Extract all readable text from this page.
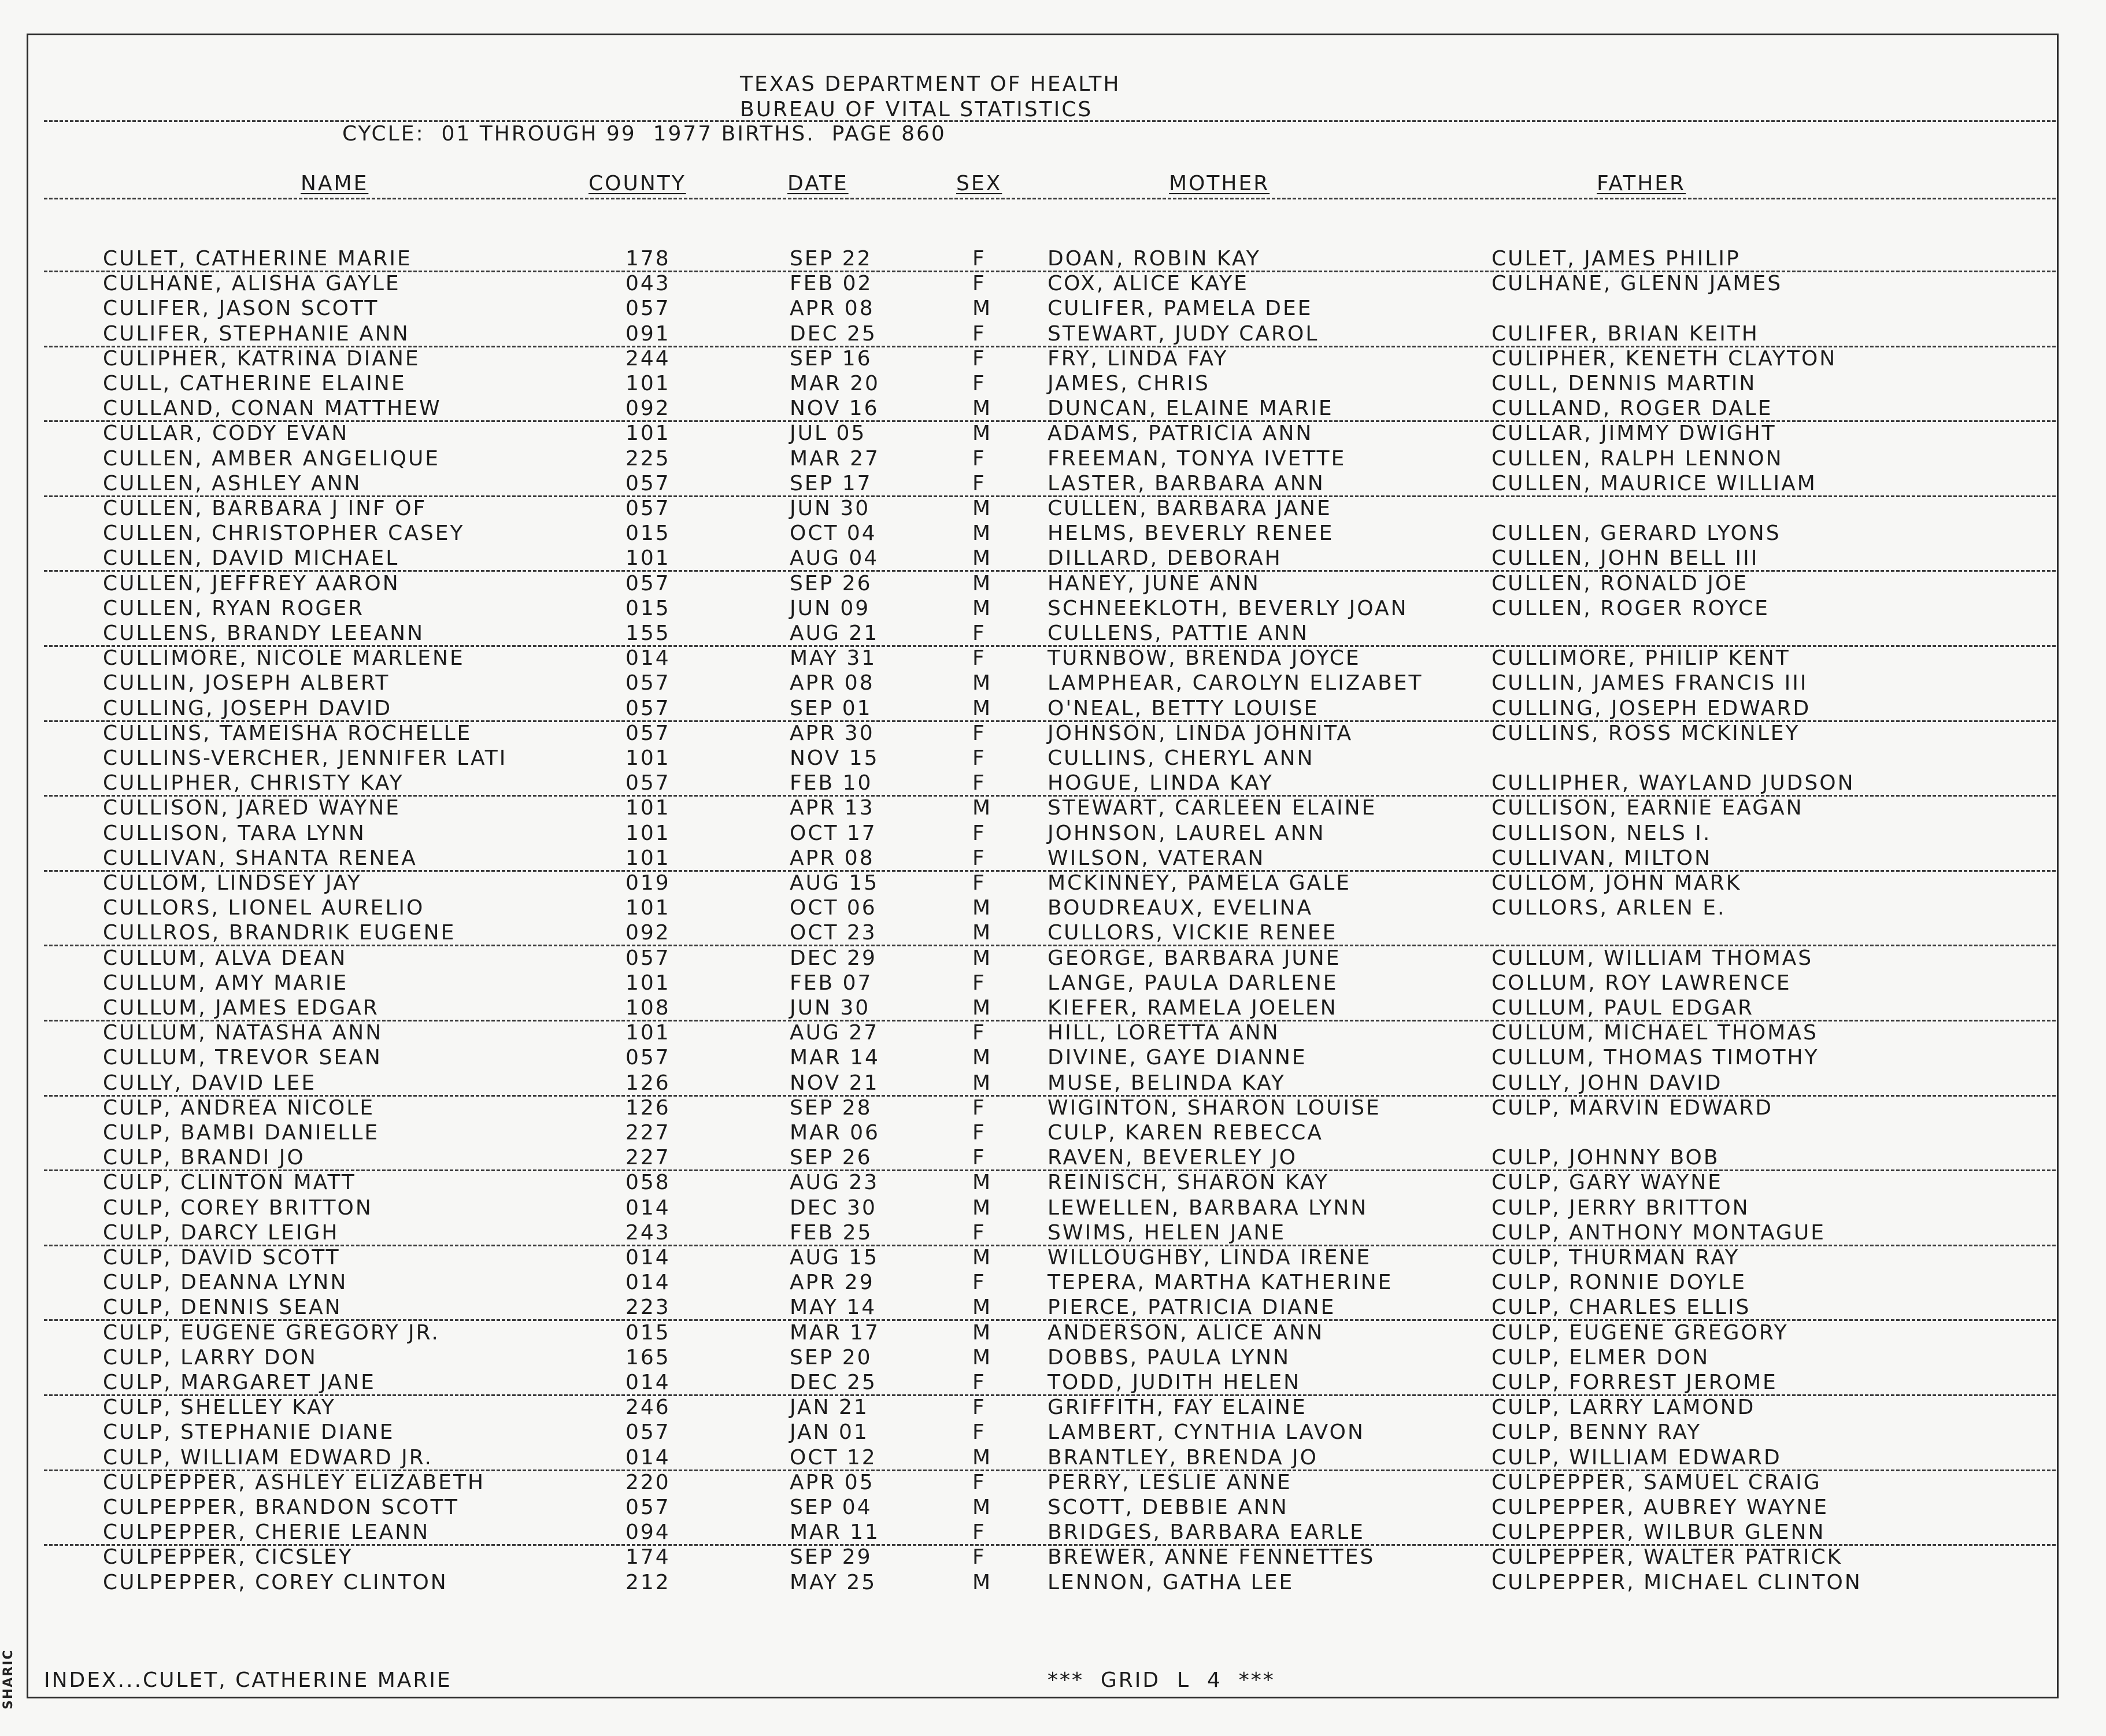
SHARIC
TEXAS DEPARTMENT OF HEALTH
BUREAU OF VITAL STATISTICS
CYCLE:  01 THROUGH 99  1977 BIRTHS.  PAGE 860
NAME	COUNTY	DATE	SEX	MOTHER	FATHER
CULET, CATHERINE MARIE	178	SEP 22	F	DOAN, ROBIN KAY	CULET, JAMES PHILIP
CULHANE, ALISHA GAYLE	043	FEB 02	F	COX, ALICE KAYE	CULHANE, GLENN JAMES
CULIFER, JASON SCOTT	057	APR 08	M	CULIFER, PAMELA DEE
CULIFER, STEPHANIE ANN	091	DEC 25	F	STEWART, JUDY CAROL	CULIFER, BRIAN KEITH
CULIPHER, KATRINA DIANE	244	SEP 16	F	FRY, LINDA FAY	CULIPHER, KENETH CLAYTON
CULL, CATHERINE ELAINE	101	MAR 20	F	JAMES, CHRIS	CULL, DENNIS MARTIN
CULLAND, CONAN MATTHEW	092	NOV 16	M	DUNCAN, ELAINE MARIE	CULLAND, ROGER DALE
CULLAR, CODY EVAN	101	JUL 05	M	ADAMS, PATRICIA ANN	CULLAR, JIMMY DWIGHT
CULLEN, AMBER ANGELIQUE	225	MAR 27	F	FREEMAN, TONYA IVETTE	CULLEN, RALPH LENNON
CULLEN, ASHLEY ANN	057	SEP 17	F	LASTER, BARBARA ANN	CULLEN, MAURICE WILLIAM
CULLEN, BARBARA J INF OF	057	JUN 30	M	CULLEN, BARBARA JANE
CULLEN, CHRISTOPHER CASEY	015	OCT 04	M	HELMS, BEVERLY RENEE	CULLEN, GERARD LYONS
CULLEN, DAVID MICHAEL	101	AUG 04	M	DILLARD, DEBORAH	CULLEN, JOHN BELL III
CULLEN, JEFFREY AARON	057	SEP 26	M	HANEY, JUNE ANN	CULLEN, RONALD JOE
CULLEN, RYAN ROGER	015	JUN 09	M	SCHNEEKLOTH, BEVERLY JOAN	CULLEN, ROGER ROYCE
CULLENS, BRANDY LEEANN	155	AUG 21	F	CULLENS, PATTIE ANN
CULLIMORE, NICOLE MARLENE	014	MAY 31	F	TURNBOW, BRENDA JOYCE	CULLIMORE, PHILIP KENT
CULLIN, JOSEPH ALBERT	057	APR 08	M	LAMPHEAR, CAROLYN ELIZABET	CULLIN, JAMES FRANCIS III
CULLING, JOSEPH DAVID	057	SEP 01	M	O'NEAL, BETTY LOUISE	CULLING, JOSEPH EDWARD
CULLINS, TAMEISHA ROCHELLE	057	APR 30	F	JOHNSON, LINDA JOHNITA	CULLINS, ROSS MCKINLEY
CULLINS-VERCHER, JENNIFER LATI	101	NOV 15	F	CULLINS, CHERYL ANN
CULLIPHER, CHRISTY KAY	057	FEB 10	F	HOGUE, LINDA KAY	CULLIPHER, WAYLAND JUDSON
CULLISON, JARED WAYNE	101	APR 13	M	STEWART, CARLEEN ELAINE	CULLISON, EARNIE EAGAN
CULLISON, TARA LYNN	101	OCT 17	F	JOHNSON, LAUREL ANN	CULLISON, NELS I.
CULLIVAN, SHANTA RENEA	101	APR 08	F	WILSON, VATERAN	CULLIVAN, MILTON
CULLOM, LINDSEY JAY	019	AUG 15	F	MCKINNEY, PAMELA GALE	CULLOM, JOHN MARK
CULLORS, LIONEL AURELIO	101	OCT 06	M	BOUDREAUX, EVELINA	CULLORS, ARLEN E.
CULLROS, BRANDRIK EUGENE	092	OCT 23	M	CULLORS, VICKIE RENEE
CULLUM, ALVA DEAN	057	DEC 29	M	GEORGE, BARBARA JUNE	CULLUM, WILLIAM THOMAS
CULLUM, AMY MARIE	101	FEB 07	F	LANGE, PAULA DARLENE	COLLUM, ROY LAWRENCE
CULLUM, JAMES EDGAR	108	JUN 30	M	KIEFER, RAMELA JOELEN	CULLUM, PAUL EDGAR
CULLUM, NATASHA ANN	101	AUG 27	F	HILL, LORETTA ANN	CULLUM, MICHAEL THOMAS
CULLUM, TREVOR SEAN	057	MAR 14	M	DIVINE, GAYE DIANNE	CULLUM, THOMAS TIMOTHY
CULLY, DAVID LEE	126	NOV 21	M	MUSE, BELINDA KAY	CULLY, JOHN DAVID
CULP, ANDREA NICOLE	126	SEP 28	F	WIGINTON, SHARON LOUISE	CULP, MARVIN EDWARD
CULP, BAMBI DANIELLE	227	MAR 06	F	CULP, KAREN REBECCA
CULP, BRANDI JO	227	SEP 26	F	RAVEN, BEVERLEY JO	CULP, JOHNNY BOB
CULP, CLINTON MATT	058	AUG 23	M	REINISCH, SHARON KAY	CULP, GARY WAYNE
CULP, COREY BRITTON	014	DEC 30	M	LEWELLEN, BARBARA LYNN	CULP, JERRY BRITTON
CULP, DARCY LEIGH	243	FEB 25	F	SWIMS, HELEN JANE	CULP, ANTHONY MONTAGUE
CULP, DAVID SCOTT	014	AUG 15	M	WILLOUGHBY, LINDA IRENE	CULP, THURMAN RAY
CULP, DEANNA LYNN	014	APR 29	F	TEPERA, MARTHA KATHERINE	CULP, RONNIE DOYLE
CULP, DENNIS SEAN	223	MAY 14	M	PIERCE, PATRICIA DIANE	CULP, CHARLES ELLIS
CULP, EUGENE GREGORY JR.	015	MAR 17	M	ANDERSON, ALICE ANN	CULP, EUGENE GREGORY
CULP, LARRY DON	165	SEP 20	M	DOBBS, PAULA LYNN	CULP, ELMER DON
CULP, MARGARET JANE	014	DEC 25	F	TODD, JUDITH HELEN	CULP, FORREST JEROME
CULP, SHELLEY KAY	246	JAN 21	F	GRIFFITH, FAY ELAINE	CULP, LARRY LAMOND
CULP, STEPHANIE DIANE	057	JAN 01	F	LAMBERT, CYNTHIA LAVON	CULP, BENNY RAY
CULP, WILLIAM EDWARD JR.	014	OCT 12	M	BRANTLEY, BRENDA JO	CULP, WILLIAM EDWARD
CULPEPPER, ASHLEY ELIZABETH	220	APR 05	F	PERRY, LESLIE ANNE	CULPEPPER, SAMUEL CRAIG
CULPEPPER, BRANDON SCOTT	057	SEP 04	M	SCOTT, DEBBIE ANN	CULPEPPER, AUBREY WAYNE
CULPEPPER, CHERIE LEANN	094	MAR 11	F	BRIDGES, BARBARA EARLE	CULPEPPER, WILBUR GLENN
CULPEPPER, CICSLEY	174	SEP 29	F	BREWER, ANNE FENNETTES	CULPEPPER, WALTER PATRICK
CULPEPPER, COREY CLINTON	212	MAY 25	M	LENNON, GATHA LEE	CULPEPPER, MICHAEL CLINTON
INDEX...CULET, CATHERINE MARIE	***  GRID  L  4  ***
